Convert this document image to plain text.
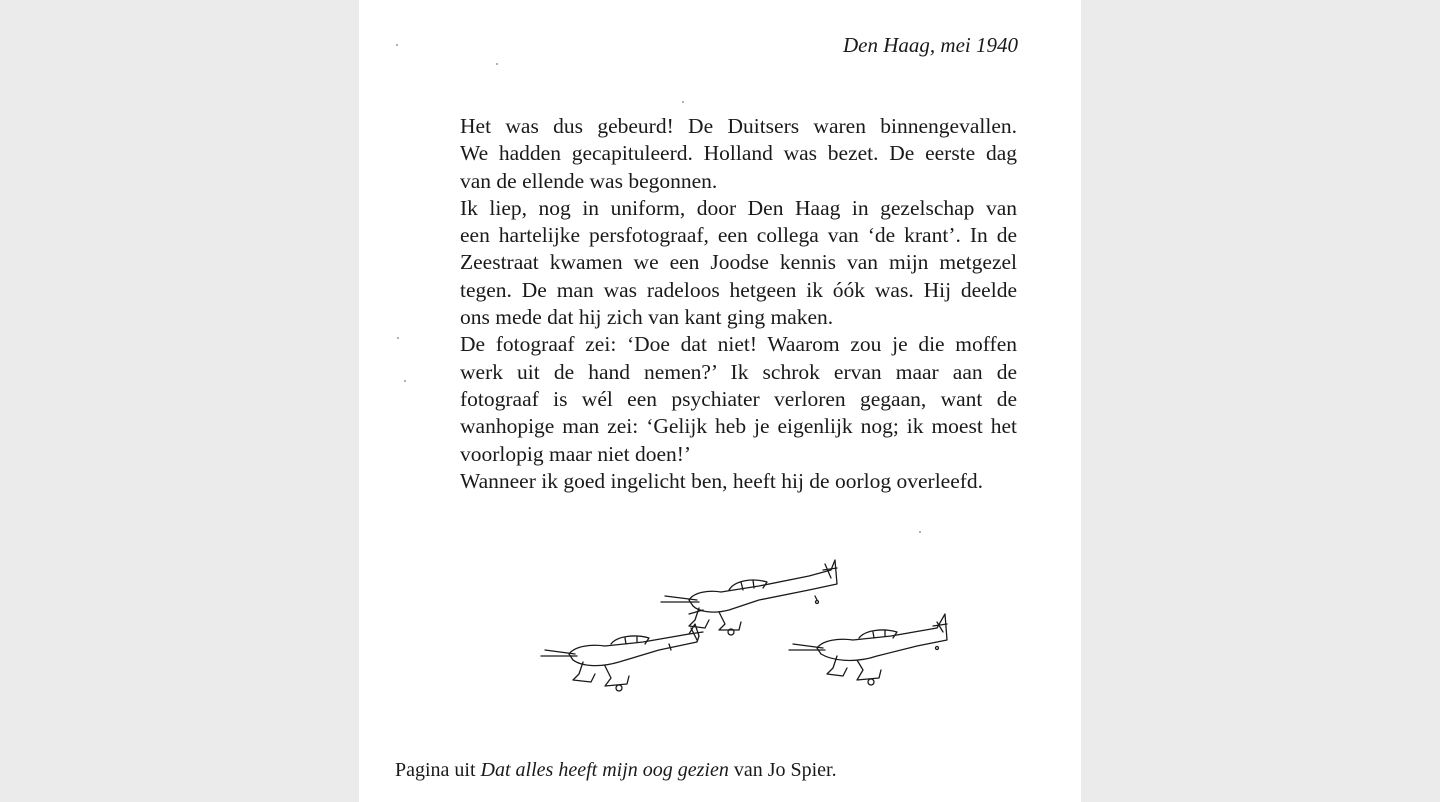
Den Haag, mei 1940
Het was dus gebeurd! De Duitsers waren binnengevallen.
We hadden gecapituleerd. Holland was bezet. De eerste dag
van de ellende was begonnen.
Ik liep, nog in uniform, door Den Haag in gezelschap van
een hartelijke persfotograaf, een collega van ‘de krant’. In de
Zeestraat kwamen we een Joodse kennis van mijn metgezel
tegen. De man was radeloos hetgeen ik óók was. Hij deelde
ons mede dat hij zich van kant ging maken.
De fotograaf zei: ‘Doe dat niet! Waarom zou je die moffen
werk uit de hand nemen?’ Ik schrok ervan maar aan de
fotograaf is wél een psychiater verloren gegaan, want de
wanhopige man zei: ‘Gelijk heb je eigenlijk nog; ik moest het
voorlopig maar niet doen!’
Wanneer ik goed ingelicht ben, heeft hij de oorlog overleefd.
Pagina uit Dat alles heeft mijn oog gezien van Jo Spier.
